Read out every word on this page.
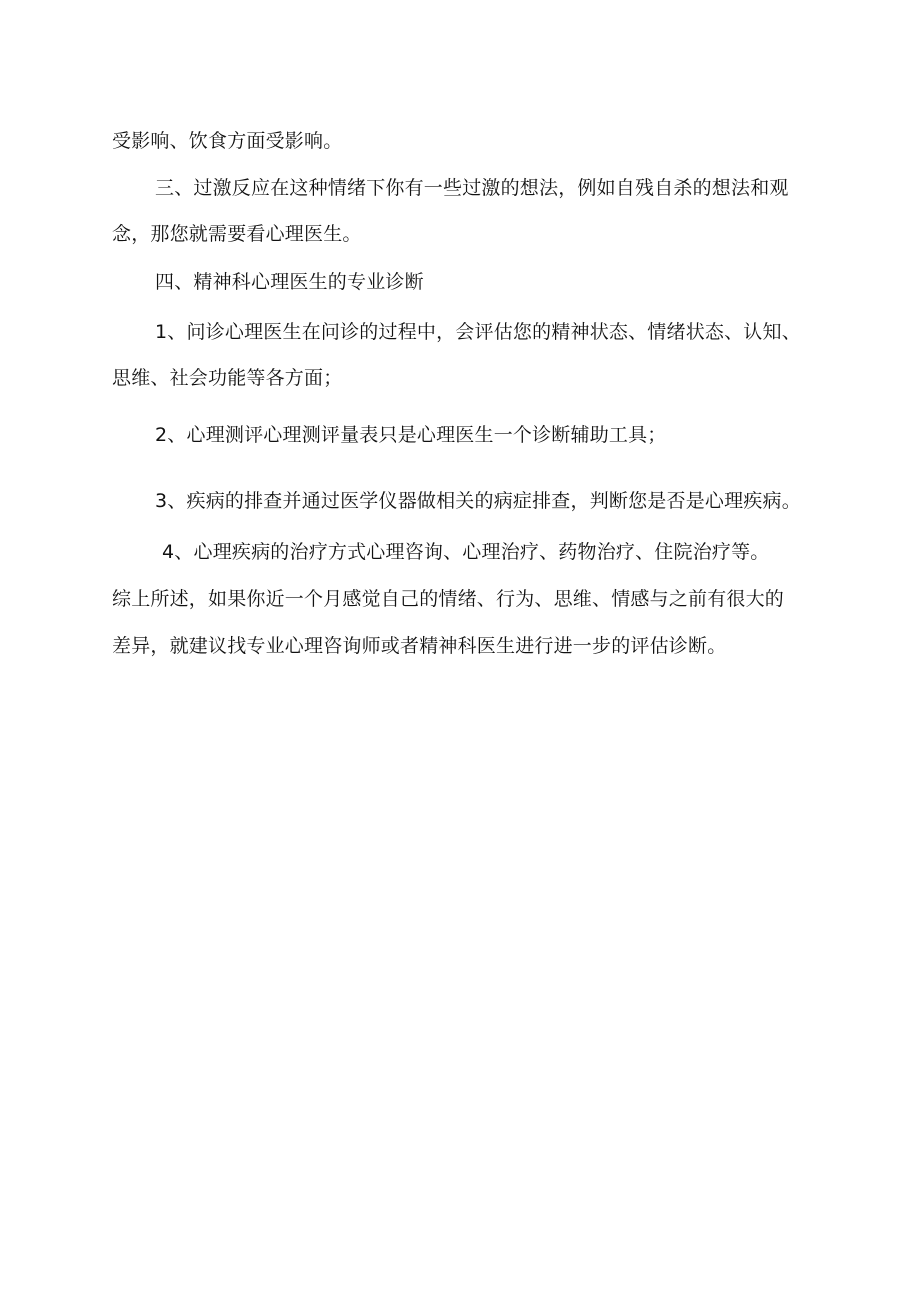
受影响、饮食方面受影响。
三、过激反应在这种情绪下你有一些过激的想法，例如自残自杀的想法和观
念，那您就需要看心理医生。
四、精神科心理医生的专业诊断
1、问诊心理医生在问诊的过程中，会评估您的精神状态、情绪状态、认知、
思维、社会功能等各方面；
2、心理测评心理测评量表只是心理医生一个诊断辅助工具；
3、疾病的排查并通过医学仪器做相关的病症排查，判断您是否是心理疾病。
4、心理疾病的治疗方式心理咨询、心理治疗、药物治疗、住院治疗等。
综上所述，如果你近一个月感觉自己的情绪、行为、思维、情感与之前有很大的
差异，就建议找专业心理咨询师或者精神科医生进行进一步的评估诊断。
